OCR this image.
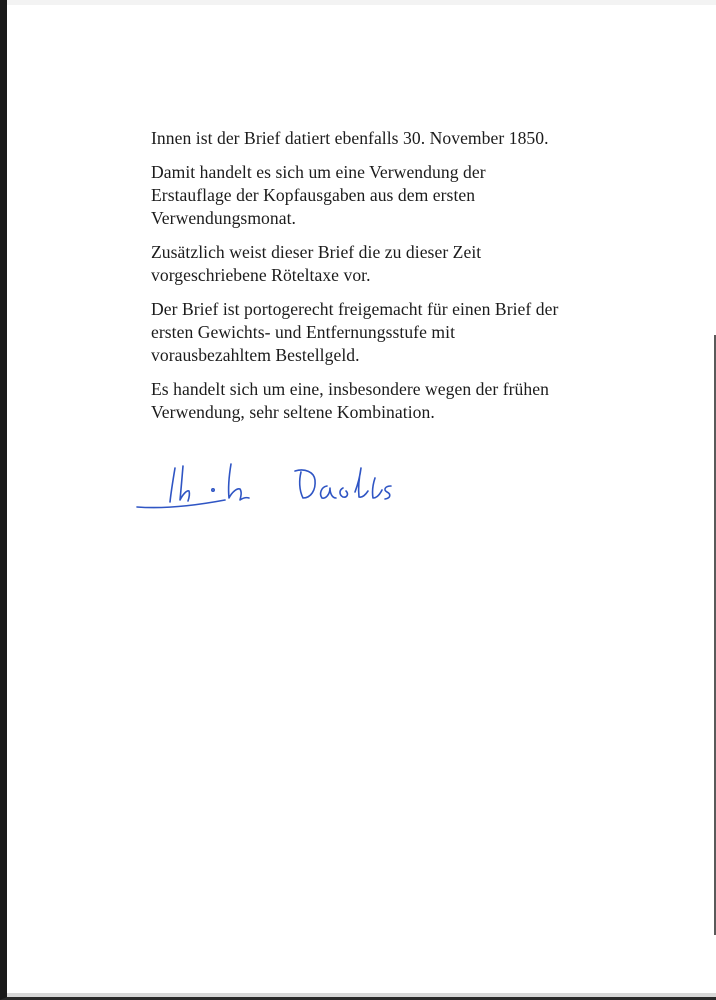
Innen ist der Brief datiert ebenfalls 30. November 1850.

Damit handelt es sich um eine Verwendung der
Erstauflage der Kopfausgaben aus dem ersten
Verwendungsmonat.

Zusätzlich weist dieser Brief die zu dieser Zeit
vorgeschriebene Röteltaxe vor.

Der Brief ist portogerecht freigemacht für einen Brief der
ersten Gewichts- und Entfernungsstufe mit
vorausbezahltem Bestellgeld.

Es handelt sich um eine, insbesondere wegen der frühen
Verwendung, sehr seltene Kombination.
